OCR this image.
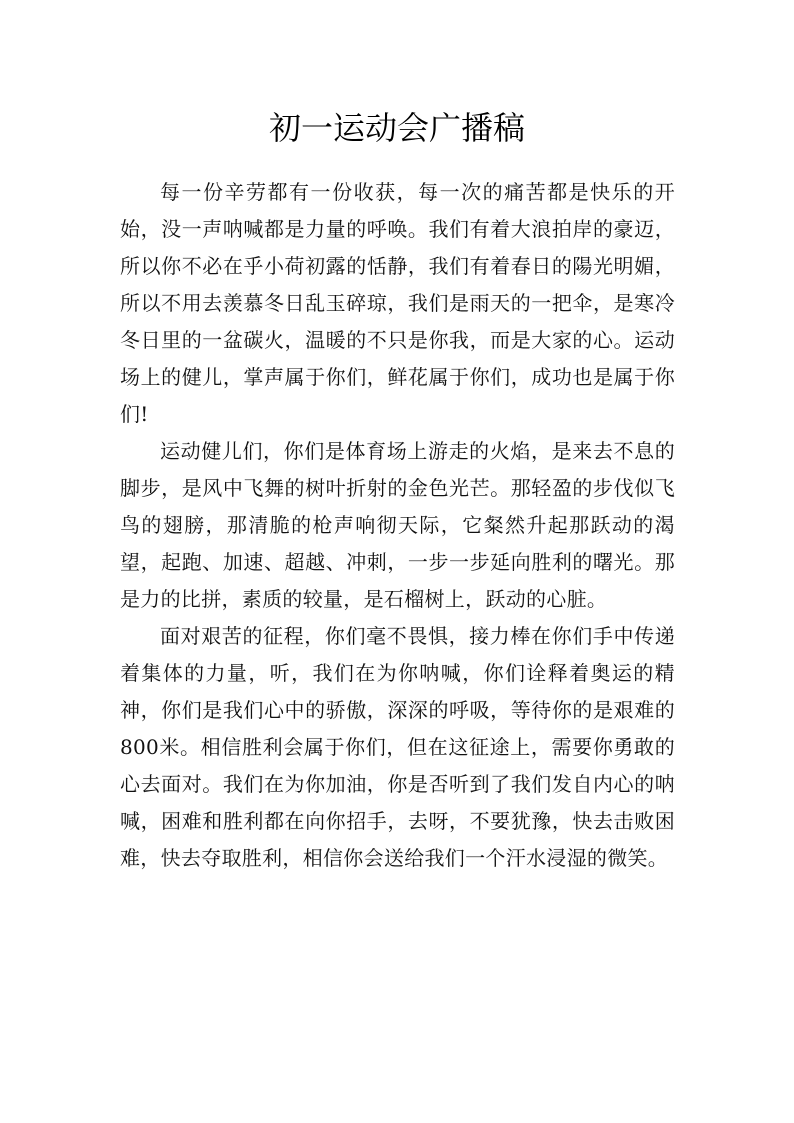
初一运动会广播稿

每一份辛劳都有一份收获，每一次的痛苦都是快乐的开始，没一声呐喊都是力量的呼唤。我们有着大浪拍岸的豪迈，所以你不必在乎小荷初露的恬静，我们有着春日的陽光明媚，所以不用去羡慕冬日乱玉碎琼，我们是雨天的一把伞，是寒冷冬日里的一盆碳火，温暖的不只是你我，而是大家的心。运动场上的健儿，掌声属于你们，鲜花属于你们，成功也是属于你们!

运动健儿们，你们是体育场上游走的火焰，是来去不息的脚步，是风中飞舞的树叶折射的金色光芒。那轻盈的步伐似飞鸟的翅膀，那清脆的枪声响彻天际，它粲然升起那跃动的渴望，起跑、加速、超越、冲刺，一步一步延向胜利的曙光。那是力的比拼，素质的较量，是石榴树上，跃动的心脏。

面对艰苦的征程，你们毫不畏惧，接力棒在你们手中传递着集体的力量，听，我们在为你呐喊，你们诠释着奥运的精神，你们是我们心中的骄傲，深深的呼吸，等待你的是艰难的800米。相信胜利会属于你们，但在这征途上，需要你勇敢的心去面对。我们在为你加油，你是否听到了我们发自内心的呐喊，困难和胜利都在向你招手，去呀，不要犹豫，快去击败困难，快去夺取胜利，相信你会送给我们一个汗水浸湿的微笑。
